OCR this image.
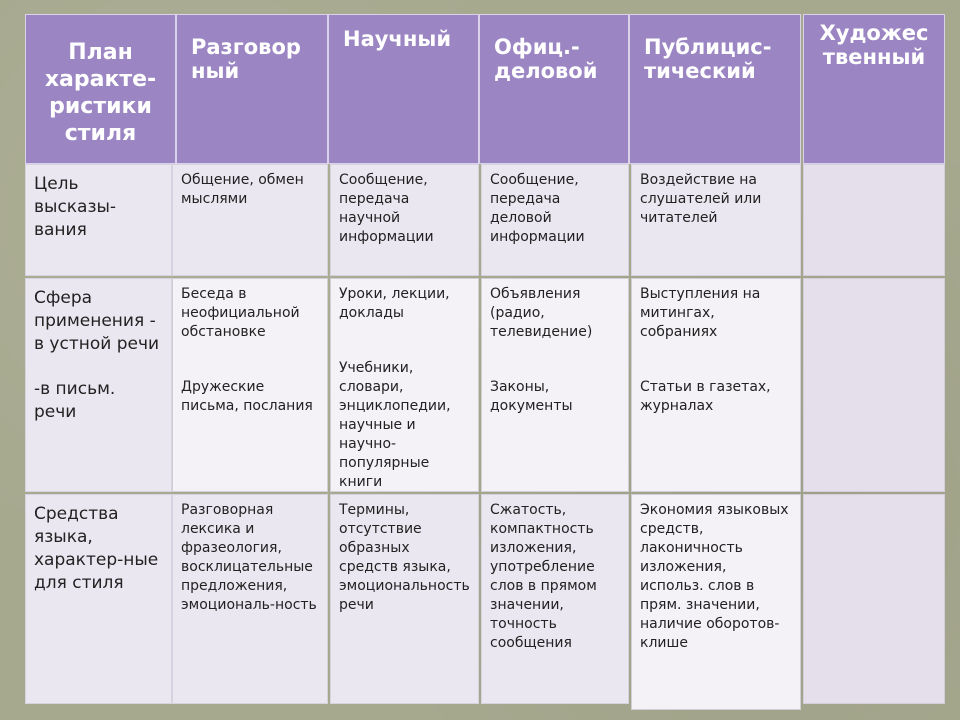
План характе-ристики стиля
Разговор ный
Научный	Офиц.-деловой
Публицис-тический
Художес твенный
Цель высказы-вания
Общение, обмен мыслями
Сообщение, передача научной информации
Сообщение, передача деловой информации
Воздействие на слушателей или читателей
Сфера применения - в устной речи
-в письм. речи
Беседа в неофициальной обстановке
Дружеские письма, послания
Уроки, лекции, доклады
Учебники, словари, энциклопедии, научные и научно-популярные книги
Объявления (радио, телевидение)
Законы, документы
Выступления на митингах, собраниях
Статьи в газетах, журналах
Средства языка, характер-ные для стиля
Разговорная лексика и фразеология, восклицательные предложения, эмоциональ-ность
Термины, отсутствие образных средств языка, эмоциональность речи
Сжатость, компактность изложения, употребление слов в прямом значении, точность сообщения
Экономия языковых средств, лаконичность изложения, использ. слов в прям. значении, наличие оборотов-клише
